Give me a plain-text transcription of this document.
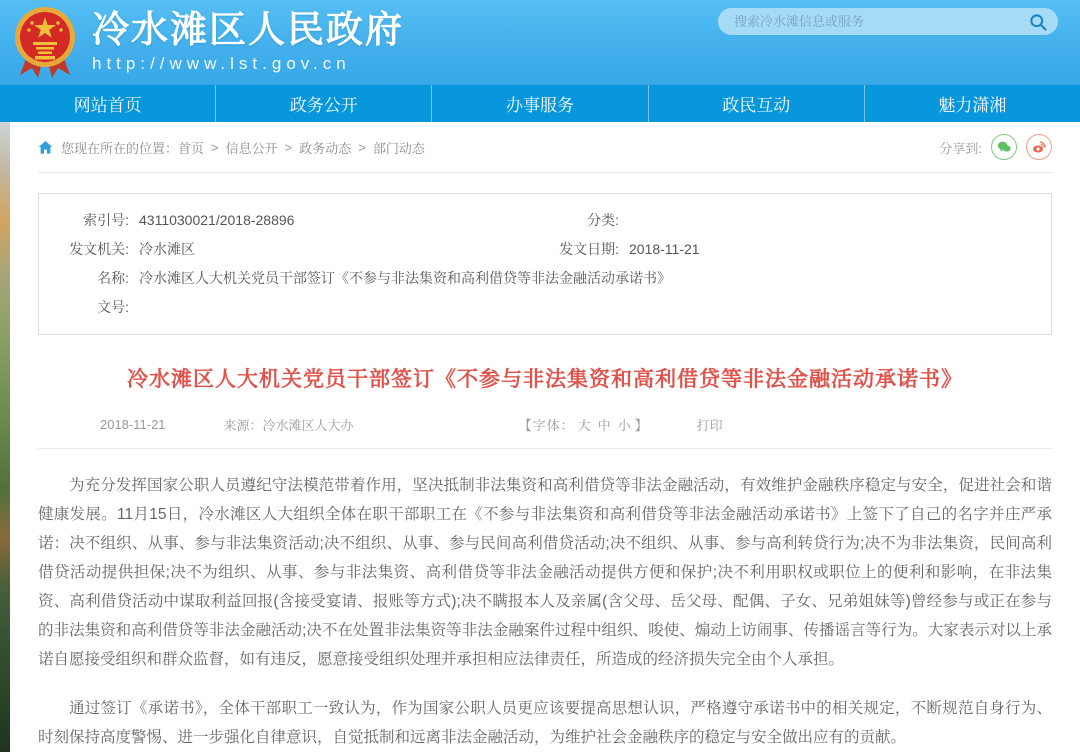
冷水滩区人民政府
http://www.lst.gov.cn
搜索冷水滩信息或服务
网站首页	政务公开	办事服务	政民互动	魅力潇湘
您现在所在的位置： 首页 > 信息公开 > 政务动态 > 部门动态	分享到:
索引号: 4311030021/2018-28896	分类:
发文机关: 冷水滩区	发文日期: 2018-11-21
名称: 冷水滩区人大机关党员干部签订《不参与非法集资和高利借贷等非法金融活动承诺书》
文号:
冷水滩区人大机关党员干部签订《不参与非法集资和高利借贷等非法金融活动承诺书》
2018-11-21	来源：冷水滩区人大办	【字体： 大 中 小 】	打印

为充分发挥国家公职人员遵纪守法模范带着作用，坚决抵制非法集资和高利借贷等非法金融活动，有效维护金融秩序稳定与安全，促进社会和谐健康发展。11月15日，冷水滩区人大组织全体在职干部职工在《不参与非法集资和高利借贷等非法金融活动承诺书》上签下了自己的名字并庄严承诺：决不组织、从事、参与非法集资活动;决不组织、从事、参与民间高利借贷活动;决不组织、从事、参与高利转贷行为;决不为非法集资，民间高利借贷活动提供担保;决不为组织、从事、参与非法集资、高利借贷等非法金融活动提供方便和保护;决不利用职权或职位上的便利和影响，在非法集资、高利借贷活动中谋取利益回报(含接受宴请、报账等方式);决不瞒报本人及亲属(含父母、岳父母、配偶、子女、兄弟姐妹等)曾经参与或正在参与的非法集资和高利借贷等非法金融活动;决不在处置非法集资等非法金融案件过程中组织、唆使、煽动上访闹事、传播谣言等行为。大家表示对以上承诺自愿接受组织和群众监督，如有违反，愿意接受组织处理并承担相应法律责任，所造成的经济损失完全由个人承担。

通过签订《承诺书》，全体干部职工一致认为，作为国家公职人员更应该要提高思想认识，严格遵守承诺书中的相关规定，不断规范自身行为、时刻保持高度警惕、进一步强化自律意识，自觉抵制和远离非法金融活动，为维护社会金融秩序的稳定与安全做出应有的贡献。
